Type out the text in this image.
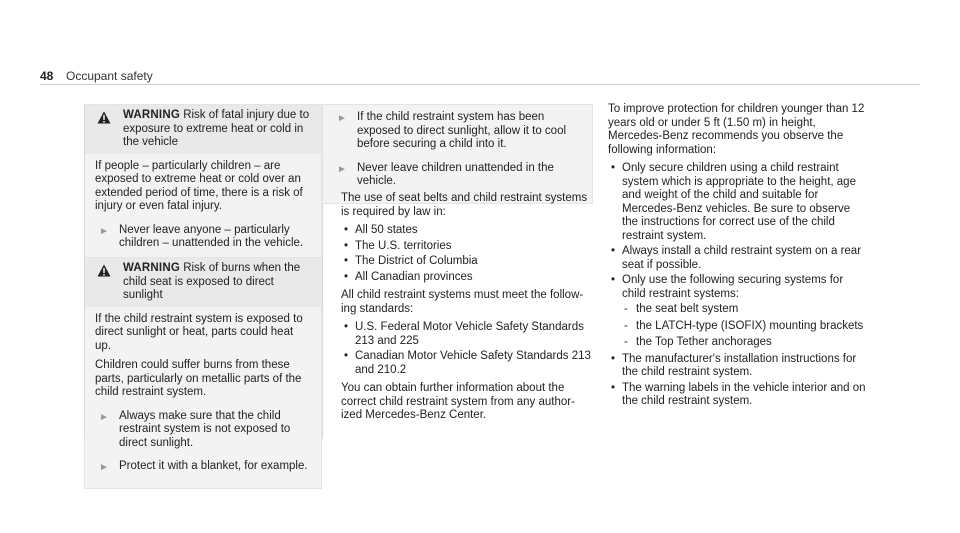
48 Occupant safety
WARNING Risk of fatal injury due to exposure to extreme heat or cold in the vehicle

If people – particularly children – are exposed to extreme heat or cold over an extended period of time, there is a risk of injury or even fatal injury.

► Never leave anyone – particularly children – unattended in the vehicle.
WARNING Risk of burns when the child seat is exposed to direct sunlight

If the child restraint system is exposed to direct sunlight or heat, parts could heat up.

Children could suffer burns from these parts, particularly on metallic parts of the child restraint system.

► Always make sure that the child restraint system is not exposed to direct sunlight.
► Protect it with a blanket, for example.
► If the child restraint system has been exposed to direct sunlight, allow it to cool before securing a child into it.
► Never leave children unattended in the vehicle.

The use of seat belts and child restraint systems is required by law in:

• All 50 states
• The U.S. territories
• The District of Columbia
• All Canadian provinces

All child restraint systems must meet the following standards:

• U.S. Federal Motor Vehicle Safety Standards 213 and 225
• Canadian Motor Vehicle Safety Standards 213 and 210.2

You can obtain further information about the correct child restraint system from any authorized Mercedes-Benz Center.

To improve protection for children younger than 12 years old or under 5 ft (1.50 m) in height, Mercedes-Benz recommends you observe the following information:

• Only secure children using a child restraint system which is appropriate to the height, age and weight of the child and suitable for Mercedes-Benz vehicles. Be sure to observe the instructions for correct use of the child restraint system.
• Always install a child restraint system on a rear seat if possible.
• Only use the following securing systems for child restraint systems:
- the seat belt system
- the LATCH-type (ISOFIX) mounting brackets
- the Top Tether anchorages
• The manufacturer's installation instructions for the child restraint system.
• The warning labels in the vehicle interior and on the child restraint system.
